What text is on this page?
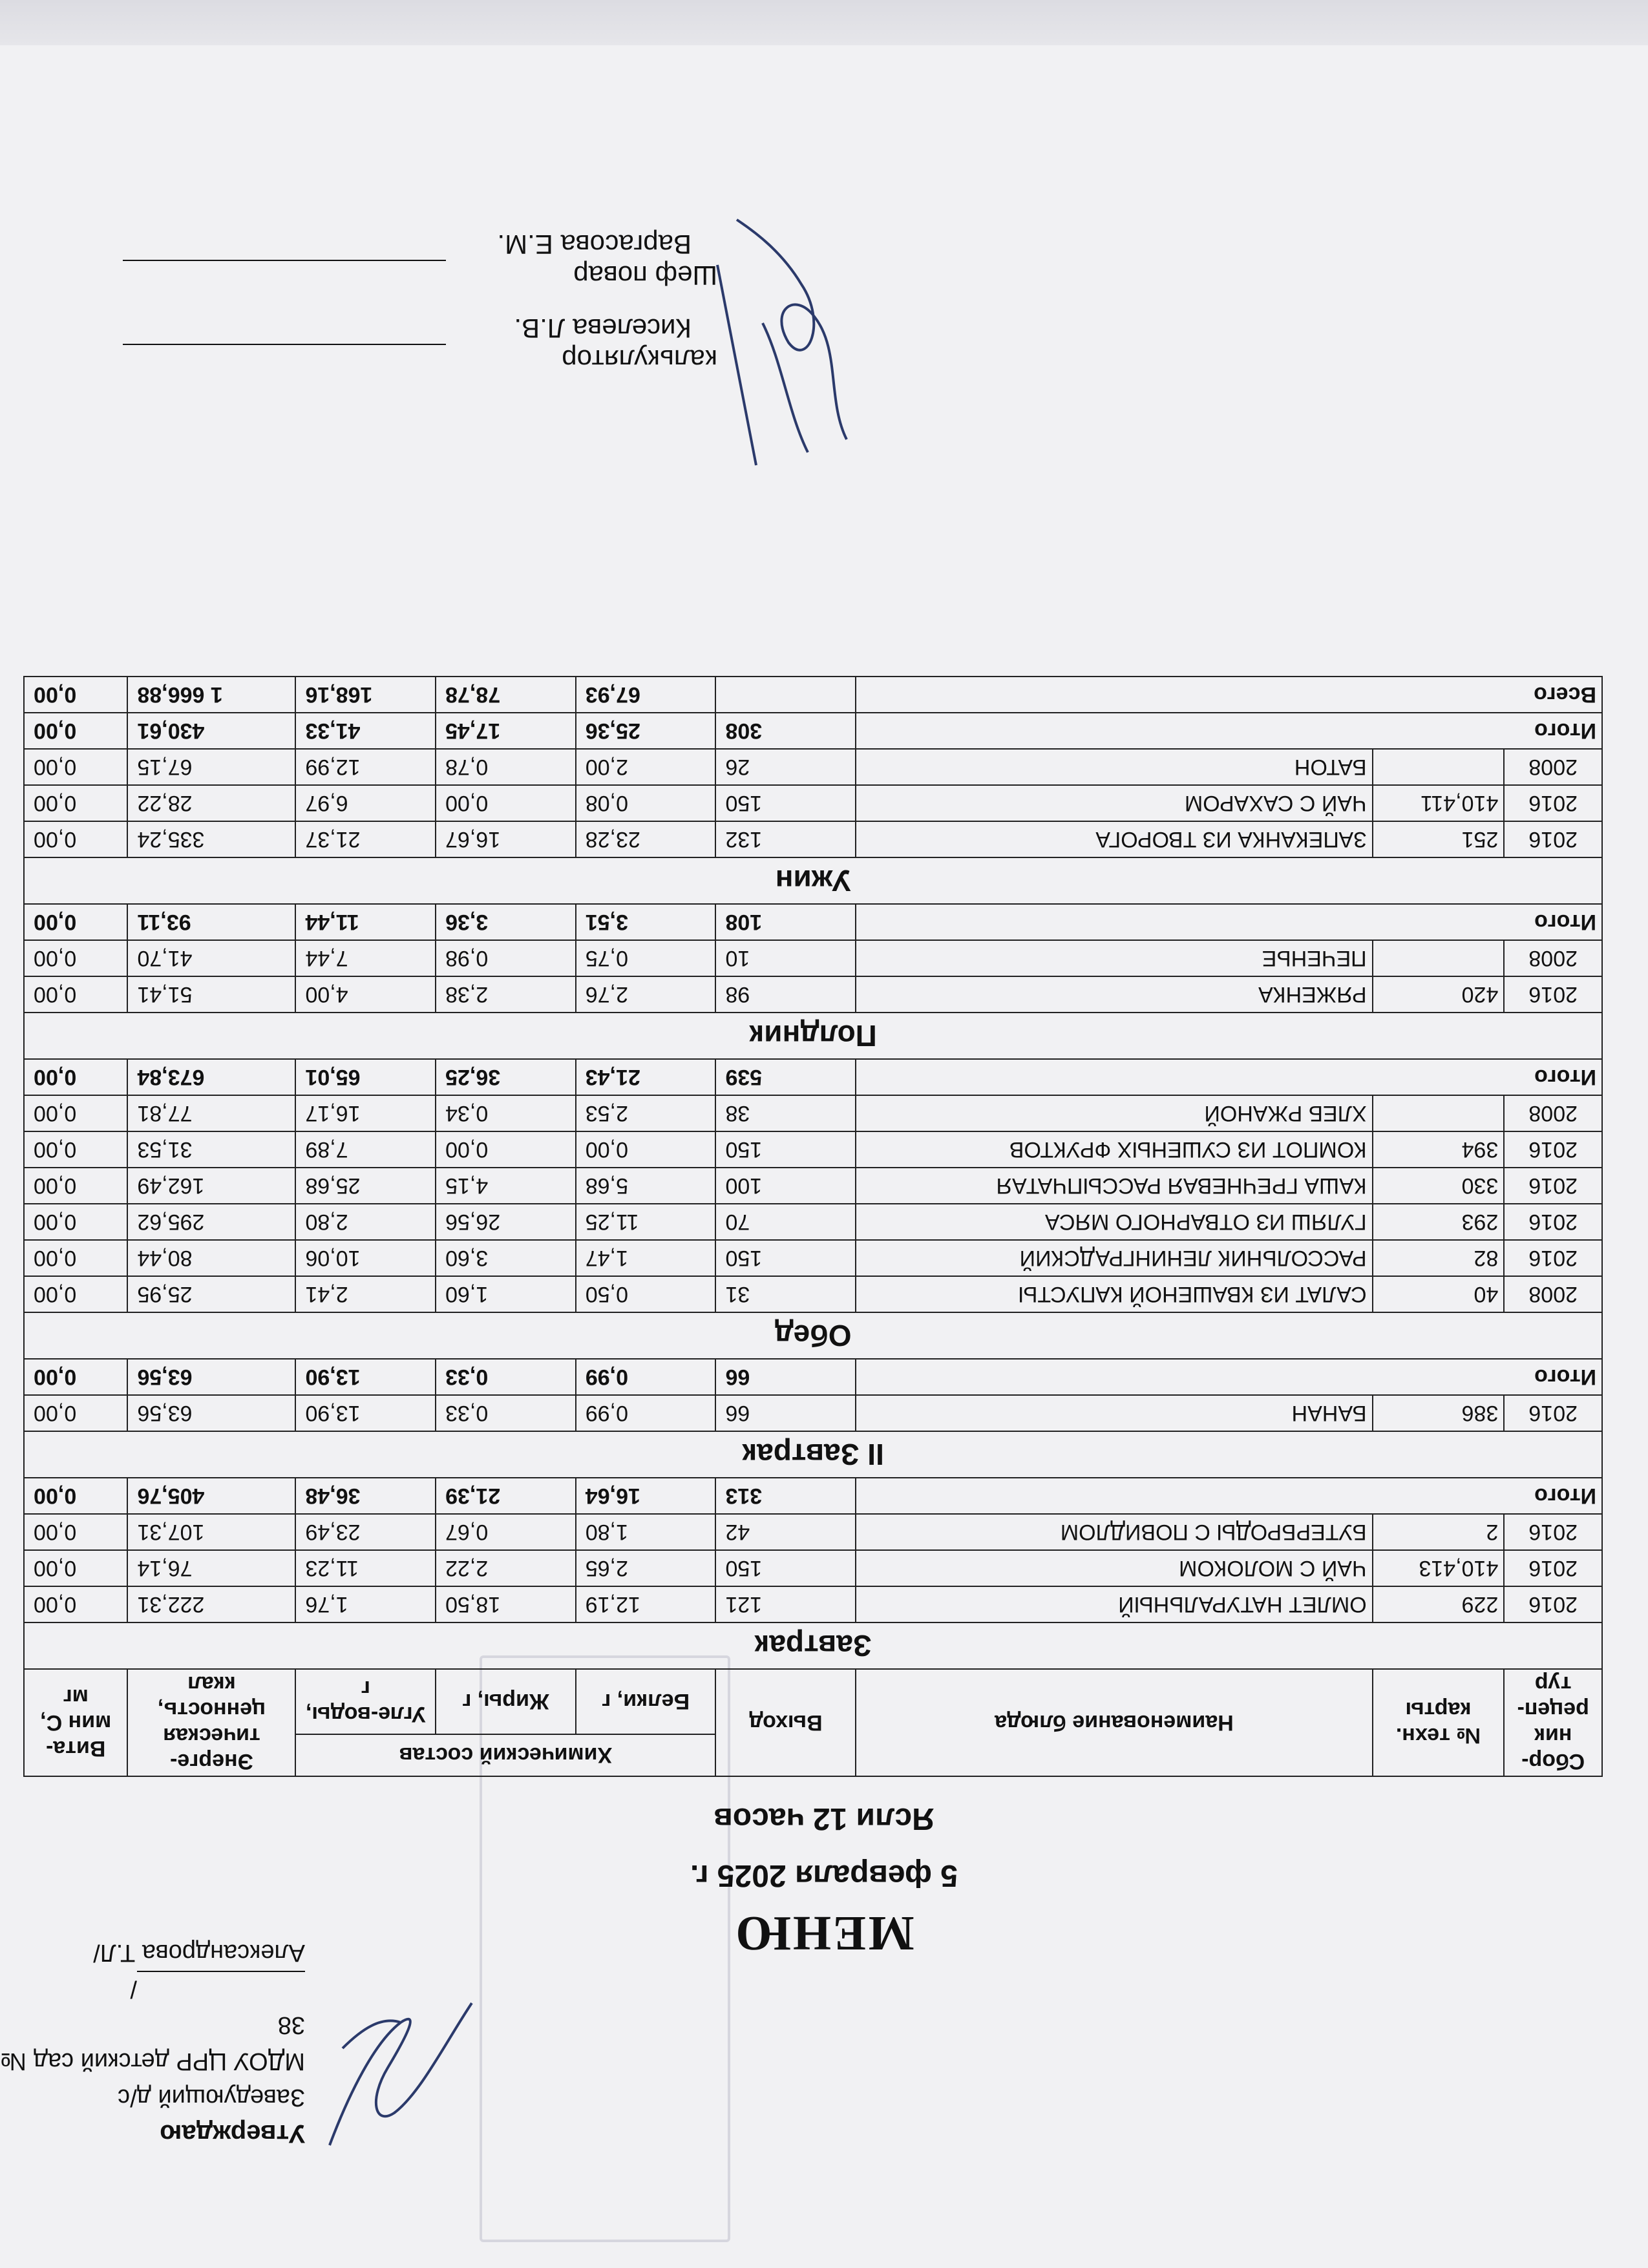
Утверждаю
Заведующий д/с
МДОУ ЦРР детский сад № 38
/Александрова Т.Л/	МЕНЮ
5 февраля 2025 г.
Ясли 12 часов
Сбор-ник рецеп-тур	№ техн. карты	Наименование блюда	Выход	Химический состав			Энерге-тическая ценность, ккал	Вита-мин С, мг
				Белки, г	Жиры, г	Угле-воды, г		
Завтрак								
2016	229	ОМЛЕТ НАТУРАЛЬНЫЙ	121	12,19	18,50	1,76	222,31	0,00
2016	410,413	ЧАЙ С МОЛОКОМ	150	2,65	2,22	11,23	76,14	0,00
2016	2	БУТЕРБРОДЫ С ПОВИДЛОМ	42	1,80	0,67	23,49	107,31	0,00
Итого			313	16,64	21,39	36,48	405,76	0,00
II Завтрак								
2016	386	БАНАН	66	0,99	0,33	13,90	63,56	0,00
Итого			66	0,99	0,33	13,90	63,56	0,00
Обед								
2008	40	САЛАТ ИЗ КВАШЕНОЙ КАПУСТЫ	31	0,50	1,60	2,41	25,95	0,00
2016	82	РАССОЛЬНИК ЛЕНИНГРАДСКИЙ	150	1,47	3,60	10,06	80,44	0,00
2016	293	ГУЛЯШ ИЗ ОТВАРНОГО МЯСА	70	11,25	26,56	2,80	295,62	0,00
2016	330	КАША ГРЕЧНЕВАЯ РАССЫПЧАТАЯ	100	5,68	4,15	25,68	162,49	0,00
2016	394	КОМПОТ ИЗ СУШЕНЫХ ФРУКТОВ	150	0,00	0,00	7,89	31,53	0,00
2008		ХЛЕБ РЖАНОЙ	38	2,53	0,34	16,17	77,81	0,00
Итого			539	21,43	36,25	65,01	673,84	0,00
Полдник								
2016	420	РЯЖЕНКА	98	2,76	2,38	4,00	51,41	0,00
2008		ПЕЧЕНЬЕ	10	0,75	0,98	7,44	41,70	0,00
Итого			108	3,51	3,36	11,44	93,11	0,00
Ужин								
2016	251	ЗАПЕКАНКА ИЗ ТВОРОГА	132	23,28	16,67	21,37	335,24	0,00
2016	410,411	ЧАЙ С САХАРОМ	150	0,08	0,00	6,97	28,22	0,00
2008		БАТОН	26	2,00	0,78	12,99	67,15	0,00
Итого			308	25,36	17,45	41,33	430,61	0,00
Всего				67,93	78,78	168,16	1 666,88	0,00
калькуляторКиселева Л.В.
Шеф поварВаргасова Е.М.
